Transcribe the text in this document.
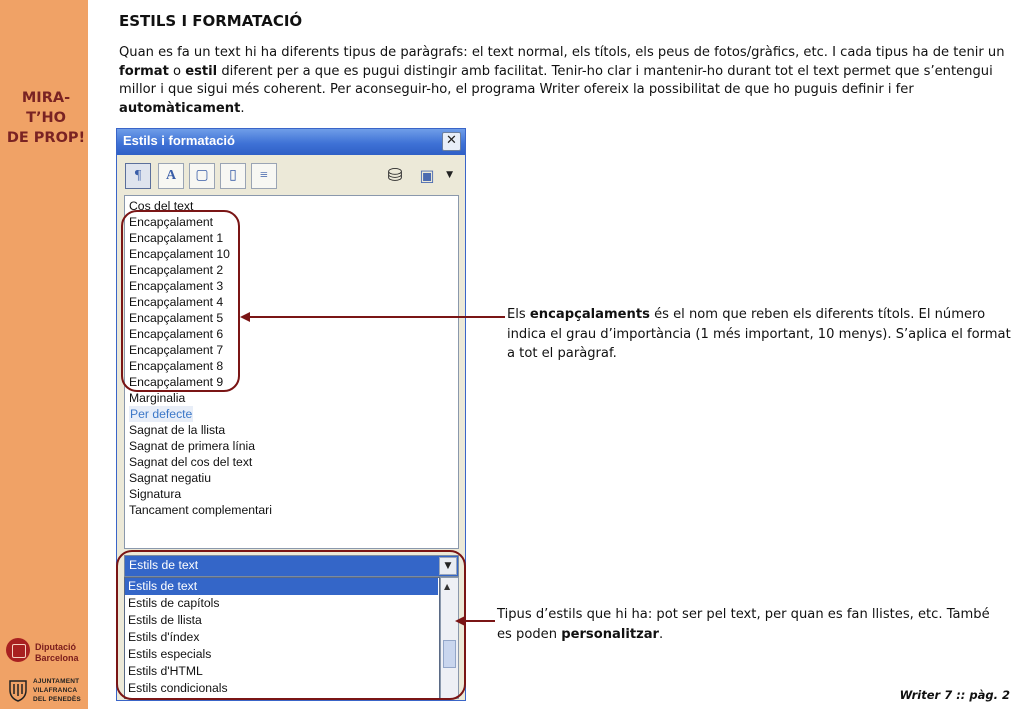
MIRA-
T’HO
DE PROP!
Diputació
Barcelona
AJUNTAMENT
VILAFRANCA
DEL PENEDÈS
ESTILS I FORMATACIÓ
Quan es fa un text hi ha diferents tipus de paràgrafs: el text normal, els títols, els peus de fotos/gràfics, etc. I cada tipus ha de tenir un format o estil diferent per a que es pugui distingir amb facilitat. Tenir-ho clar i mantenir-ho durant tot el text permet que s’entengui millor i que sigui més coherent. Per aconseguir-ho, el programa Writer ofereix la possibilitat de que ho puguis definir i fer automàticament.
Estils i formatació	✕
¶	A	▢	▯	≡	⛁ ▣	▼
Cos del text
Encapçalament
Encapçalament 1
Encapçalament 10
Encapçalament 2
Encapçalament 3
Encapçalament 4
Encapçalament 5
Encapçalament 6
Encapçalament 7
Encapçalament 8
Encapçalament 9
Marginalia
Per defecte
Sagnat de la llista
Sagnat de primera línia
Sagnat del cos del text
Sagnat negatiu
Signatura
Tancament complementari
Estils de text	▼
Estils de text
Estils de capítols
Estils de llista
Estils d'índex
Estils especials
Estils d'HTML
Estils condicionals
▲
Els encapçalaments és el nom que reben els diferents títols. El número indica el grau d’importància (1 més important, 10 menys). S’aplica el format a tot el paràgraf.
Tipus d’estils que hi ha: pot ser pel text, per quan es fan llistes, etc. També es poden personalitzar.
Writer 7 :: pàg. 2
